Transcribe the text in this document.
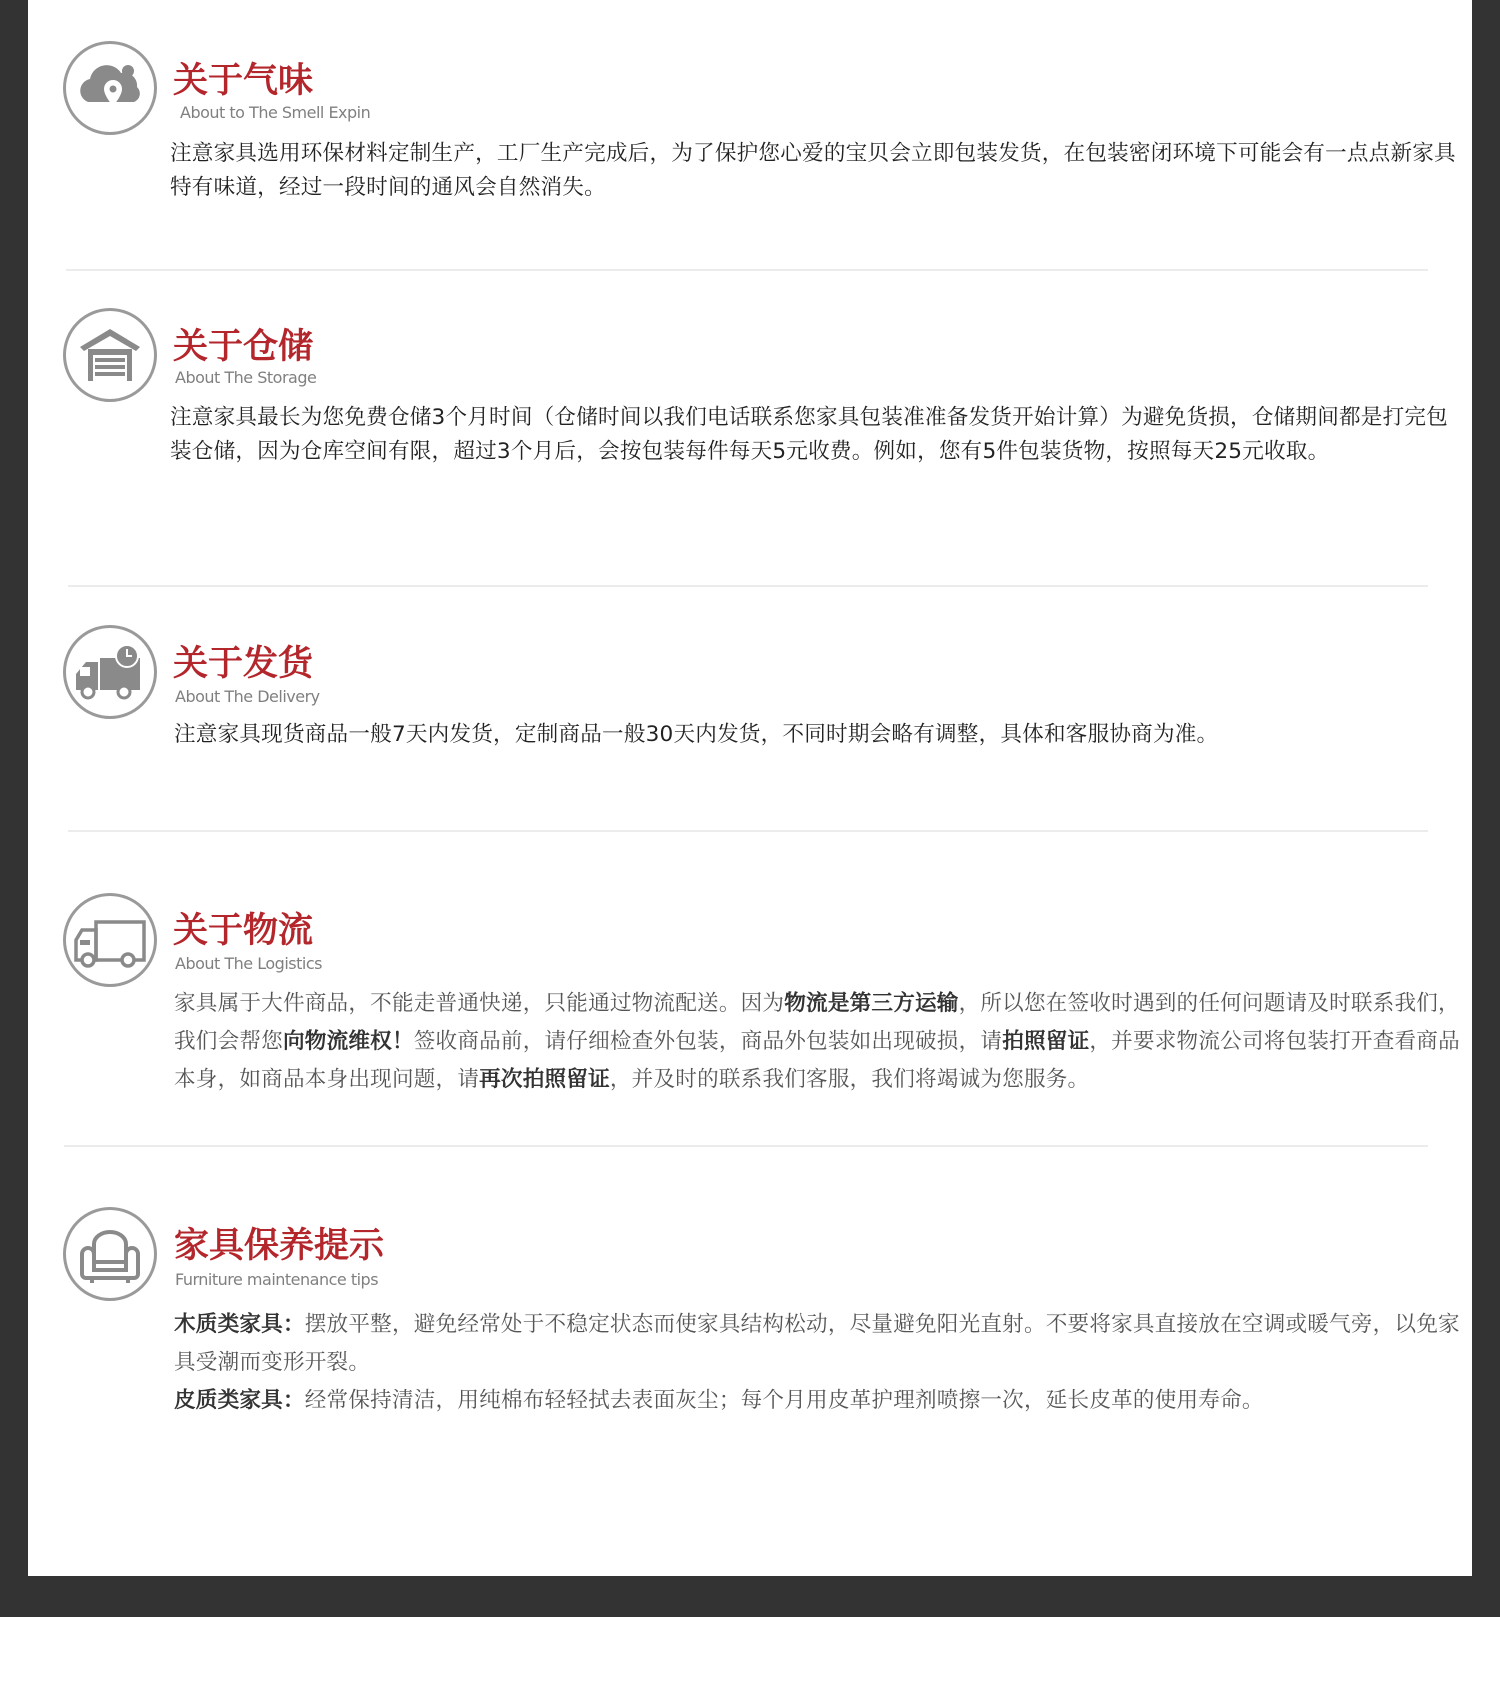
关于气味
About to The Smell Expin
注意家具选用环保材料定制生产，工厂生产完成后，为了保护您心爱的宝贝会立即包装发货，在包装密闭环境下可能会有一点点新家具特有味道，经过一段时间的通风会自然消失。
关于仓储
About The Storage
注意家具最长为您免费仓储3个月时间（仓储时间以我们电话联系您家具包装准准备发货开始计算）为避免货损，仓储期间都是打完包装仓储，因为仓库空间有限，超过3个月后，会按包装每件每天5元收费。例如，您有5件包装货物，按照每天25元收取。
关于发货
About The Delivery
注意家具现货商品一般7天内发货，定制商品一般30天内发货，不同时期会略有调整，具体和客服协商为准。
关于物流
About The Logistics
家具属于大件商品，不能走普通快递，只能通过物流配送。因为物流是第三方运输，所以您在签收时遇到的任何问题请及时联系我们，我们会帮您向物流维权！签收商品前，请仔细检查外包装，商品外包装如出现破损，请拍照留证，并要求物流公司将包装打开查看商品本身，如商品本身出现问题，请再次拍照留证，并及时的联系我们客服，我们将竭诚为您服务。
家具保养提示
Furniture maintenance tips
木质类家具：摆放平整，避免经常处于不稳定状态而使家具结构松动，尽量避免阳光直射。不要将家具直接放在空调或暖气旁，以免家具受潮而变形开裂。
皮质类家具：经常保持清洁，用纯棉布轻轻拭去表面灰尘；每个月用皮革护理剂喷擦一次，延长皮革的使用寿命。
